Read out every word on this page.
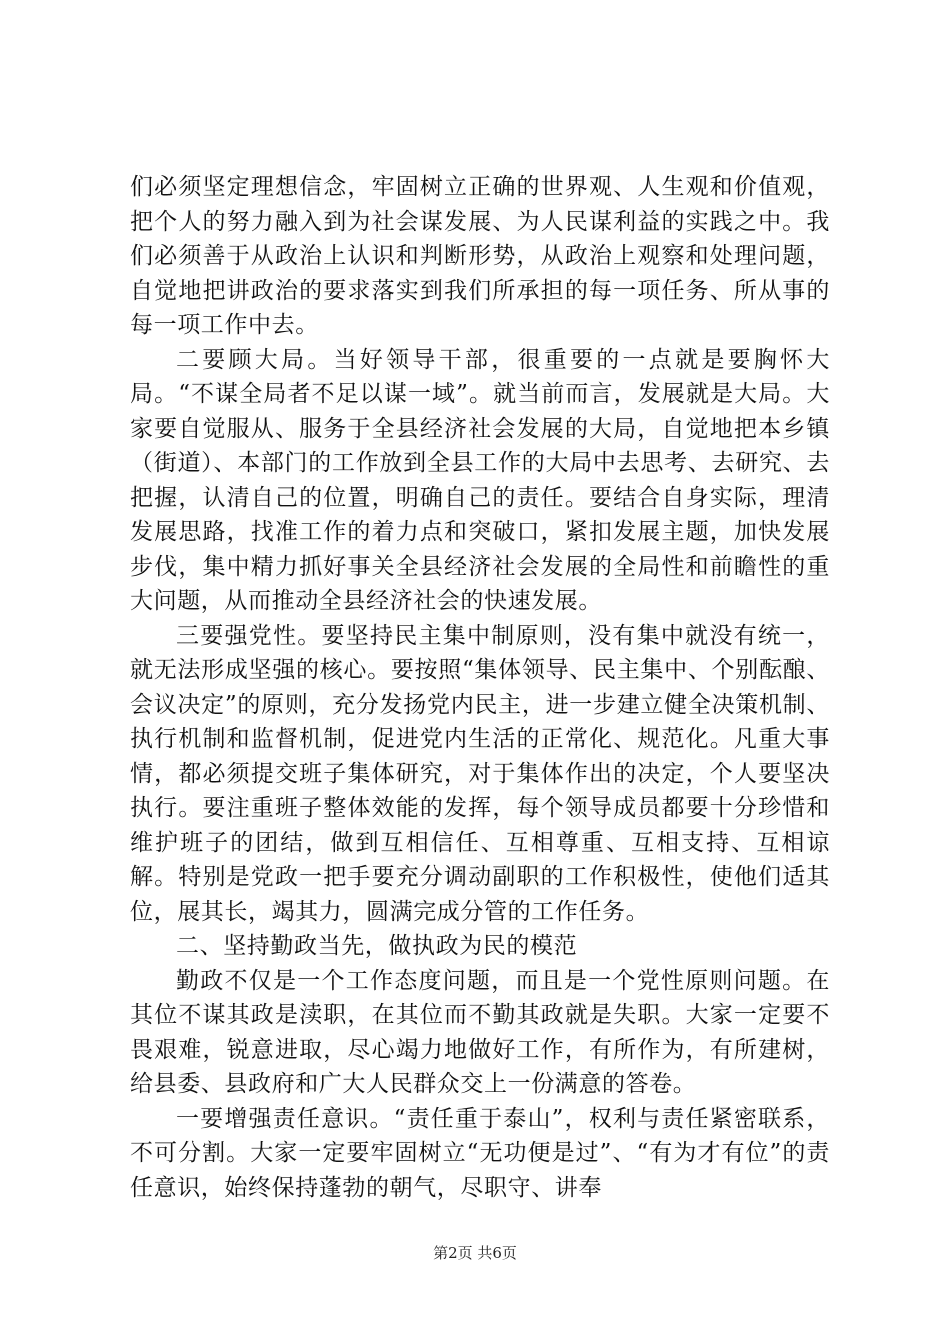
们必须坚定理想信念，牢固树立正确的世界观、人生观和价值观，把个人的努力融入到为社会谋发展、为人民谋利益的实践之中。我们必须善于从政治上认识和判断形势，从政治上观察和处理问题，自觉地把讲政治的要求落实到我们所承担的每一项任务、所从事的每一项工作中去。

二要顾大局。当好领导干部，很重要的一点就是要胸怀大局。“不谋全局者不足以谋一域”。就当前而言，发展就是大局。大家要自觉服从、服务于全县经济社会发展的大局，自觉地把本乡镇（街道）、本部门的工作放到全县工作的大局中去思考、去研究、去把握，认清自己的位置，明确自己的责任。要结合自身实际，理清发展思路，找准工作的着力点和突破口，紧扣发展主题，加快发展步伐，集中精力抓好事关全县经济社会发展的全局性和前瞻性的重大问题，从而推动全县经济社会的快速发展。

三要强党性。要坚持民主集中制原则，没有集中就没有统一，就无法形成坚强的核心。要按照“集体领导、民主集中、个别酝酿、会议决定”的原则，充分发扬党内民主，进一步建立健全决策机制、执行机制和监督机制，促进党内生活的正常化、规范化。凡重大事情，都必须提交班子集体研究，对于集体作出的决定，个人要坚决执行。要注重班子整体效能的发挥，每个领导成员都要十分珍惜和维护班子的团结，做到互相信任、互相尊重、互相支持、互相谅解。特别是党政一把手要充分调动副职的工作积极性，使他们适其位，展其长，竭其力，圆满完成分管的工作任务。

二、坚持勤政当先，做执政为民的模范

勤政不仅是一个工作态度问题，而且是一个党性原则问题。在其位不谋其政是渎职，在其位而不勤其政就是失职。大家一定要不畏艰难，锐意进取，尽心竭力地做好工作，有所作为，有所建树，给县委、县政府和广大人民群众交上一份满意的答卷。

一要增强责任意识。“责任重于泰山”，权利与责任紧密联系，不可分割。大家一定要牢固树立“无功便是过”、“有为才有位”的责任意识，始终保持蓬勃的朝气，尽职守、讲奉

第2页 共6页
